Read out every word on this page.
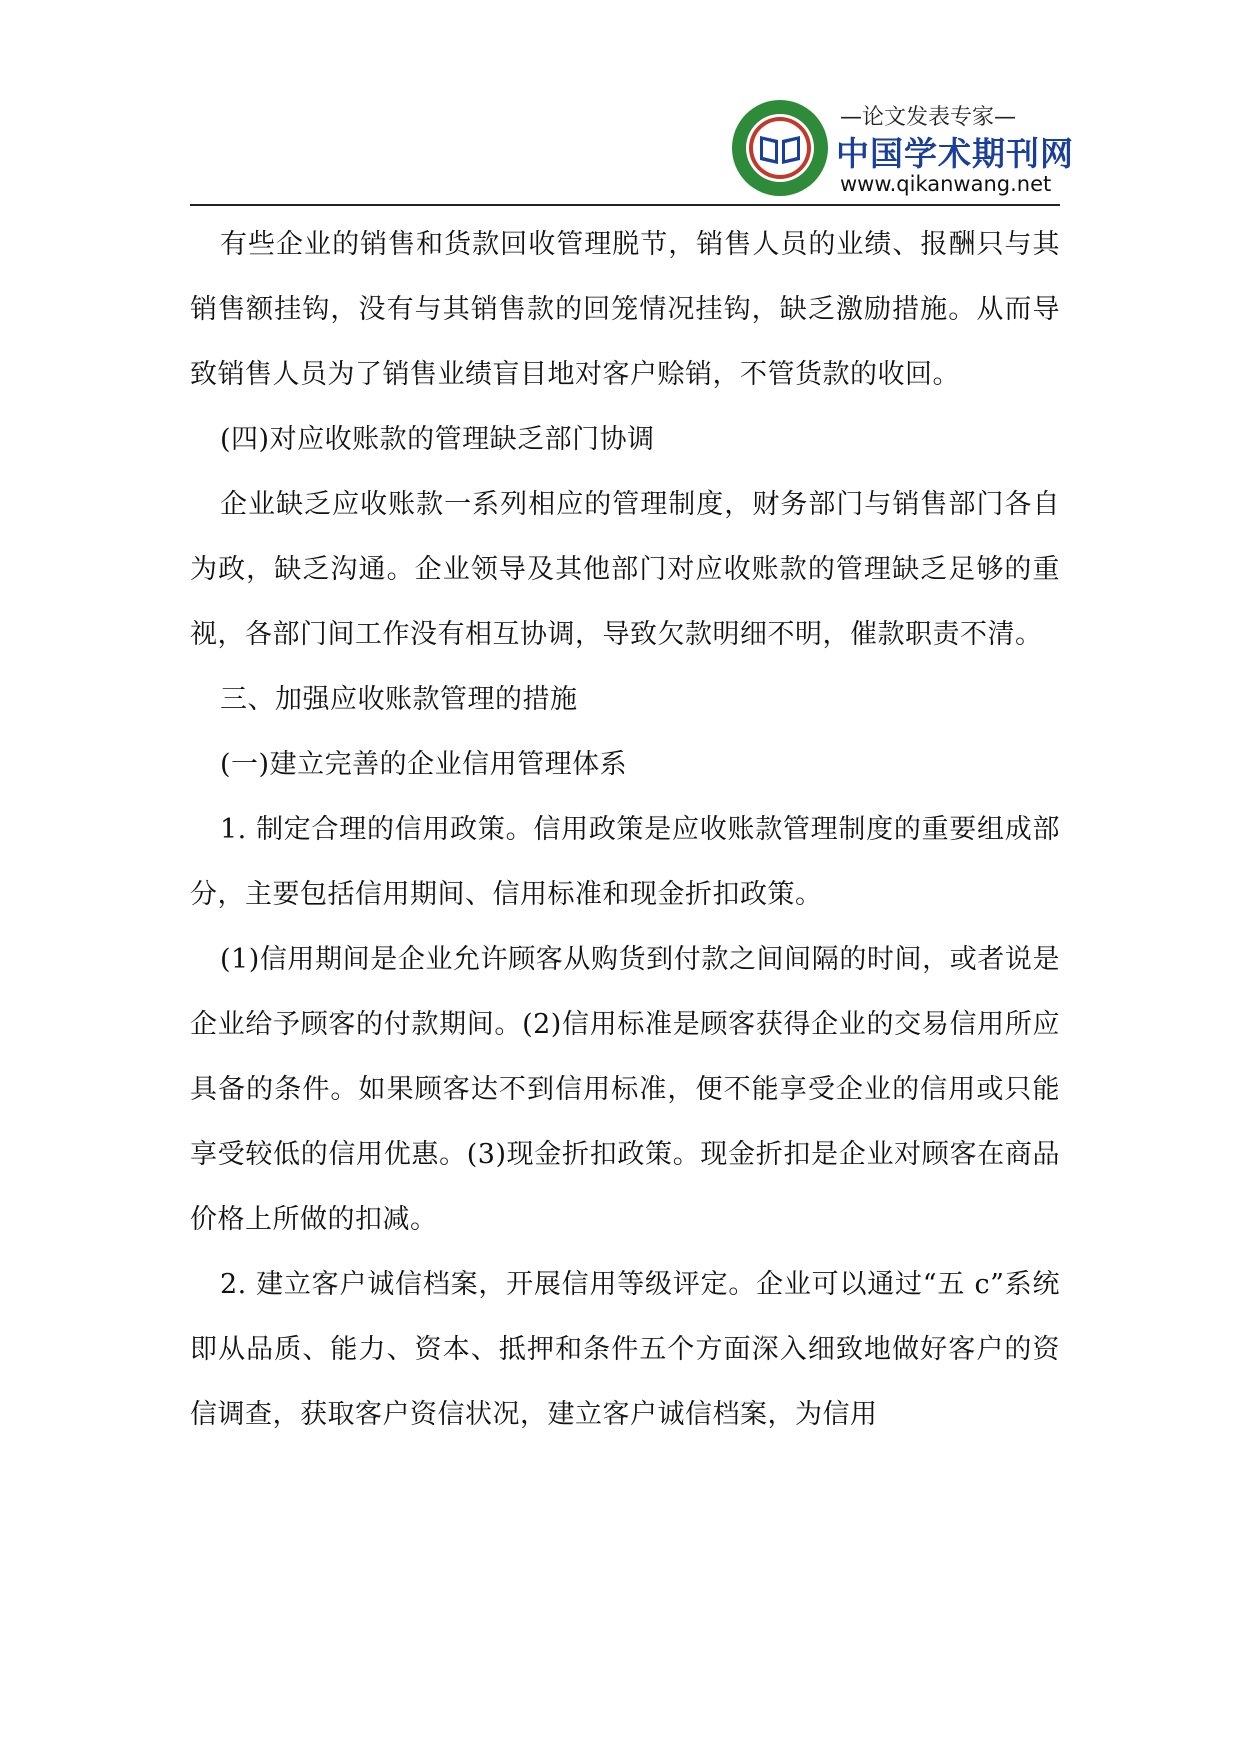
—论文发表专家—
中国学术期刊网
www.qikanwang.net

有些企业的销售和货款回收管理脱节，销售人员的业绩、报酬只与其销售额挂钩，没有与其销售款的回笼情况挂钩，缺乏激励措施。从而导致销售人员为了销售业绩盲目地对客户赊销，不管货款的收回。

(四)对应收账款的管理缺乏部门协调

企业缺乏应收账款一系列相应的管理制度，财务部门与销售部门各自为政，缺乏沟通。企业领导及其他部门对应收账款的管理缺乏足够的重视，各部门间工作没有相互协调，导致欠款明细不明，催款职责不清。

三、加强应收账款管理的措施

(一)建立完善的企业信用管理体系

1. 制定合理的信用政策。信用政策是应收账款管理制度的重要组成部分，主要包括信用期间、信用标准和现金折扣政策。

(1)信用期间是企业允许顾客从购货到付款之间间隔的时间，或者说是企业给予顾客的付款期间。(2)信用标准是顾客获得企业的交易信用所应具备的条件。如果顾客达不到信用标准，便不能享受企业的信用或只能享受较低的信用优惠。(3)现金折扣政策。现金折扣是企业对顾客在商品价格上所做的扣减。

2. 建立客户诚信档案，开展信用等级评定。企业可以通过“五 c”系统即从品质、能力、资本、抵押和条件五个方面深入细致地做好客户的资信调查，获取客户资信状况，建立客户诚信档案，为信用
